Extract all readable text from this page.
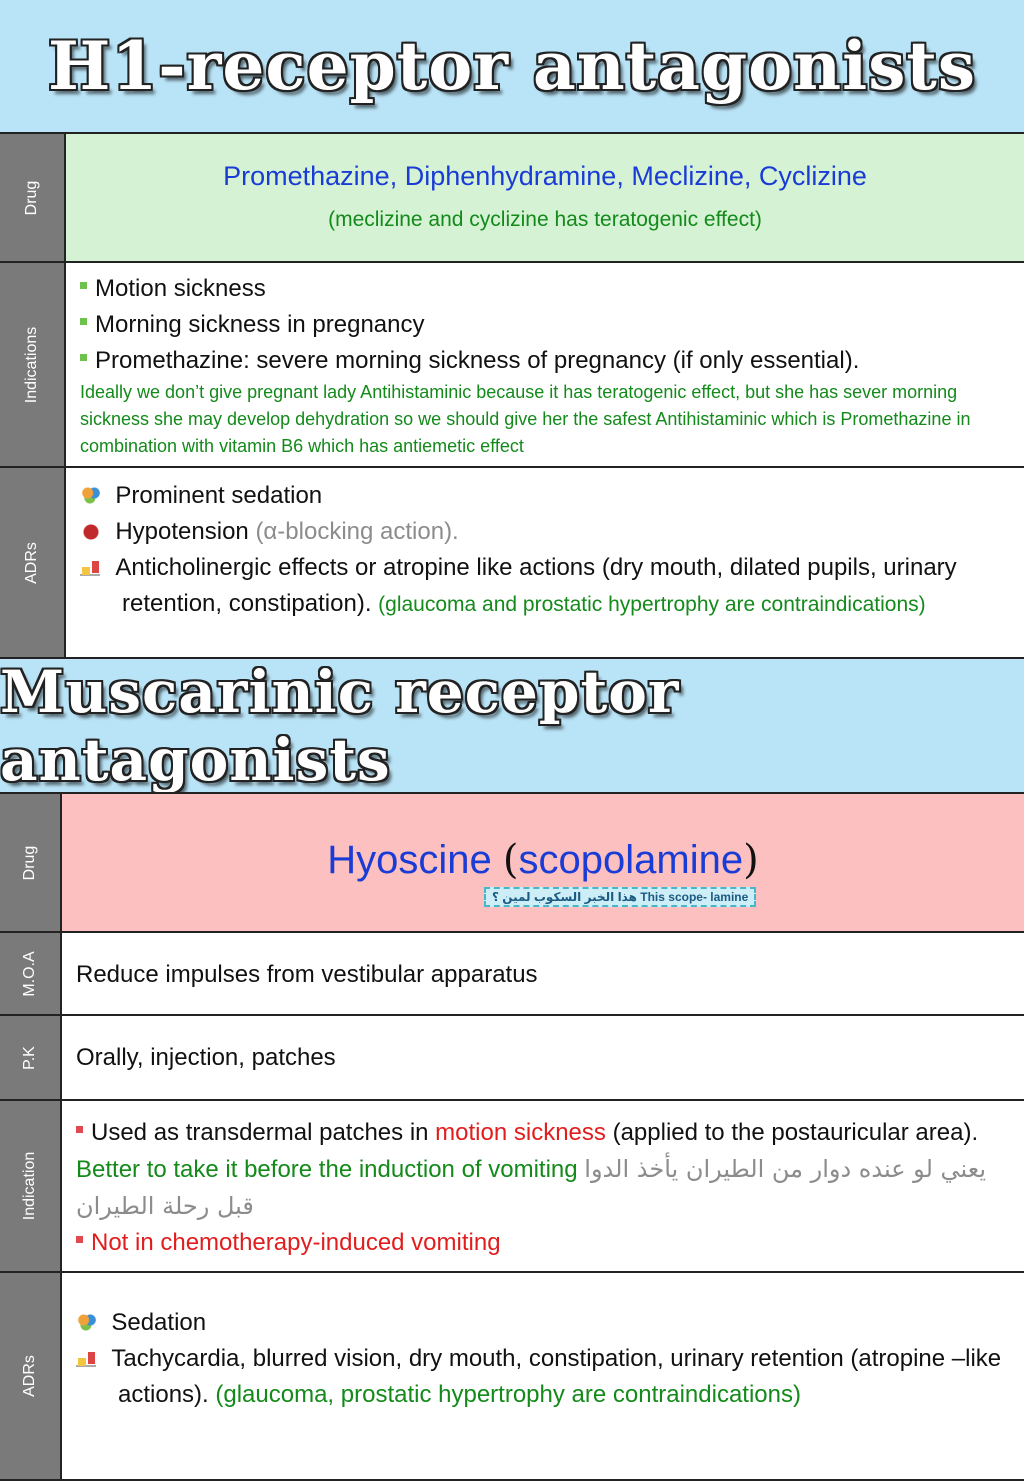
H1-receptor antagonists
Drug
Promethazine, Diphenhydramine, Meclizine, Cyclizine
(meclizine and cyclizine has teratogenic effect)
Indications
Motion sickness
Morning sickness in pregnancy
Promethazine: severe morning sickness of pregnancy (if only essential).
Ideally we don’t give pregnant lady Antihistaminic because it has teratogenic effect, but she has sever morning sickness she may develop dehydration so we should give her the safest Antihistaminic which is Promethazine in combination with vitamin B6 which has antiemetic effect
ADRs
Prominent sedation
Hypotension (α-blocking action).
Anticholinergic effects or atropine like actions (dry mouth, dilated pupils, urinary retention, constipation). (glaucoma and prostatic hypertrophy are contraindications)
Muscarinic receptor antagonists
Drug	Hyoscine (scopolamine)
هذا الخبر السكوب لمين ؟ This scope- lamine
M.O.A Reduce impulses from vestibular apparatus
P.K Orally, injection, patches
Indication
Used as transdermal patches in motion sickness (applied to the postauricular area). Better to take it before the induction of vomiting يعني لو عنده دوار من الطيران يأخذ الدوا قبل رحلة الطيران
Not in chemotherapy-induced vomiting
ADRs
Sedation
Tachycardia, blurred vision, dry mouth, constipation, urinary retention (atropine –like actions). (glaucoma, prostatic hypertrophy are contraindications)
